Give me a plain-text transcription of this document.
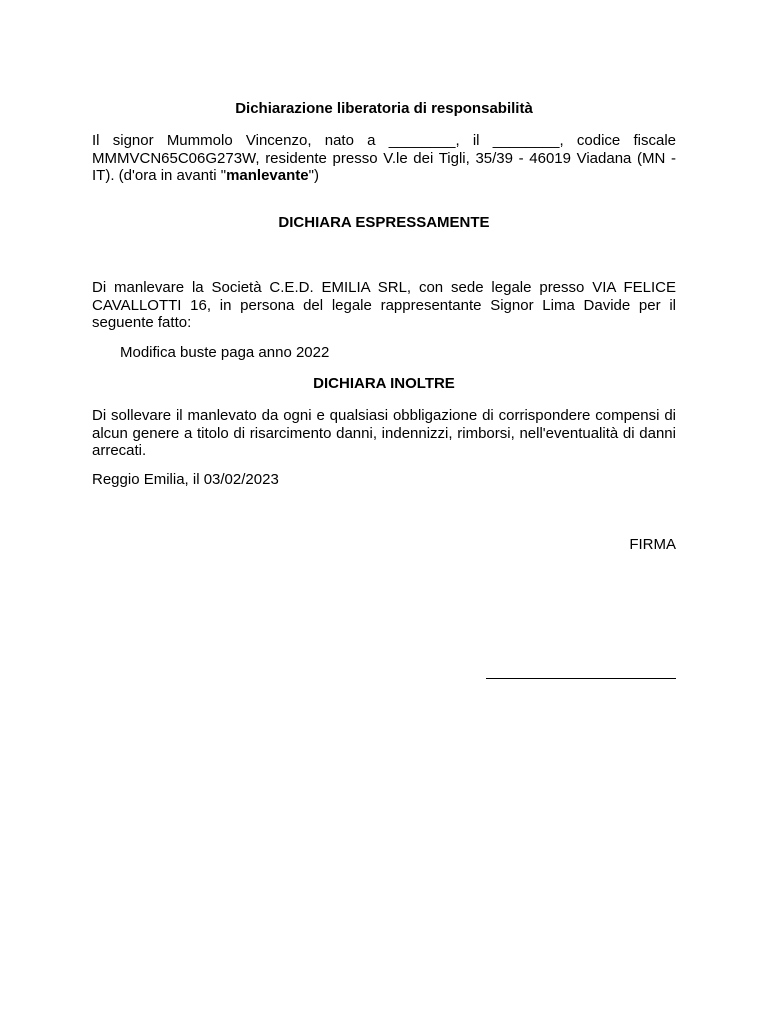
Dichiarazione liberatoria di responsabilità

Il signor Mummolo Vincenzo, nato a ________, il ________, codice fiscale MMMVCN65C06G273W, residente presso V.le dei Tigli, 35/39 - 46019 Viadana (MN - IT). (d'ora in avanti "manlevante")

DICHIARA ESPRESSAMENTE

Di manlevare la Società C.E.D. EMILIA SRL, con sede legale presso VIA FELICE CAVALLOTTI 16, in persona del legale rappresentante Signor Lima Davide per il seguente fatto:

Modifica buste paga anno 2022

DICHIARA INOLTRE

Di sollevare il manlevato da ogni e qualsiasi obbligazione di corrispondere compensi di alcun genere a titolo di risarcimento danni, indennizzi, rimborsi, nell'eventualità di danni arrecati.

Reggio Emilia, il 03/02/2023

FIRMA
